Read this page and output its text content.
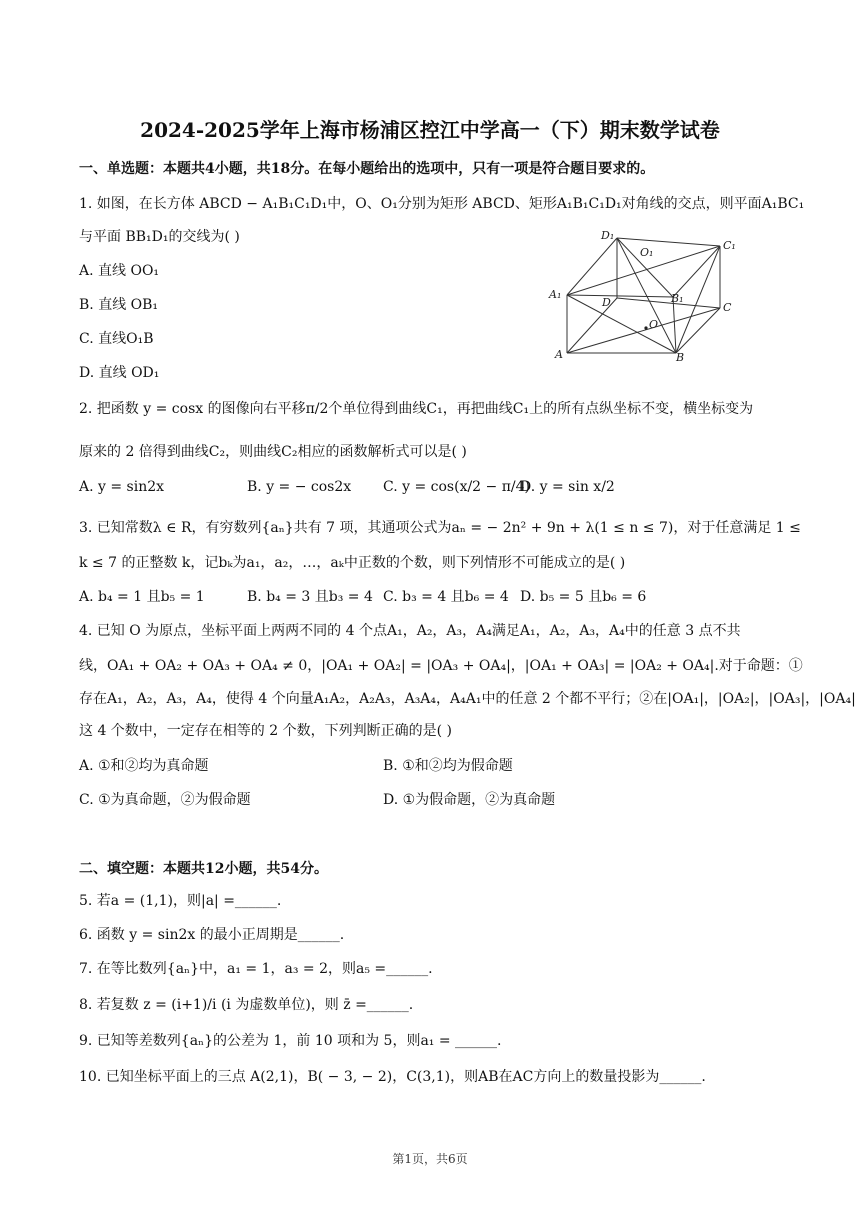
2024-2025学年上海市杨浦区控江中学高一（下）期末数学试卷
一、单选题：本题共4小题，共18分。在每小题给出的选项中，只有一项是符合题目要求的。
1. 如图，在长方体 ABCD − A₁B₁C₁D₁中，O、O₁分别为矩形 ABCD、矩形A₁B₁C₁D₁对角线的交点，则平面A₁BC₁
与平面 BB₁D₁的交线为( )
A. 直线 OO₁
B. 直线 OB₁
C. 直线O₁B
D. 直线 OD₁
D₁
C₁
O₁
A₁
D	B₁
C
O
A	B
2. 把函数 y = cosx 的图像向右平移π/2个单位得到曲线C₁，再把曲线C₁上的所有点纵坐标不变，横坐标变为
原来的 2 倍得到曲线C₂，则曲线C₂相应的函数解析式可以是( )
A. y = sin2x	B. y = − cos2x C. y = cos(x/2 − π/4)
D. y = sin x/2
3. 已知常数λ ∈ R，有穷数列{aₙ}共有 7 项，其通项公式为aₙ = − 2n² + 9n + λ(1 ≤ n ≤ 7)，对于任意满足 1 ≤
k ≤ 7 的正整数 k，记bₖ为a₁，a₂，…，aₖ中正数的个数，则下列情形不可能成立的是( )
A. b₄ = 1 且b₅ = 1	B. b₄ = 3 且b₃ = 4 C. b₃ = 4 且b₆ = 4 D. b₅ = 5 且b₆ = 6
4. 已知 O 为原点，坐标平面上两两不同的 4 个点A₁，A₂，A₃，A₄满足A₁，A₂，A₃，A₄中的任意 3 点不共
线，OA₁ + OA₂ + OA₃ + OA₄ ≠ 0，|OA₁ + OA₂| = |OA₃ + OA₄|，|OA₁ + OA₃| = |OA₂ + OA₄|.对于命题：①
存在A₁，A₂，A₃，A₄，使得 4 个向量A₁A₂，A₂A₃，A₃A₄，A₄A₁中的任意 2 个都不平行；②在|OA₁|，|OA₂|，|OA₃|，|OA₄|
这 4 个数中，一定存在相等的 2 个数，下列判断正确的是( )
A. ①和②均为真命题	B. ①和②均为假命题
C. ①为真命题，②为假命题	D. ①为假命题，②为真命题
二、填空题：本题共12小题，共54分。
5. 若a = (1,1)，则|a| =______.
6. 函数 y = sin2x 的最小正周期是______.
7. 在等比数列{aₙ}中，a₁ = 1，a₃ = 2，则a₅ =______.
8. 若复数 z = (i+1)/i (i 为虚数单位)，则 z̄ =______.
9. 已知等差数列{aₙ}的公差为 1，前 10 项和为 5，则a₁ = ______.
10. 已知坐标平面上的三点 A(2,1)，B( − 3, − 2)，C(3,1)，则AB在AC方向上的数量投影为______.
第1页，共6页
